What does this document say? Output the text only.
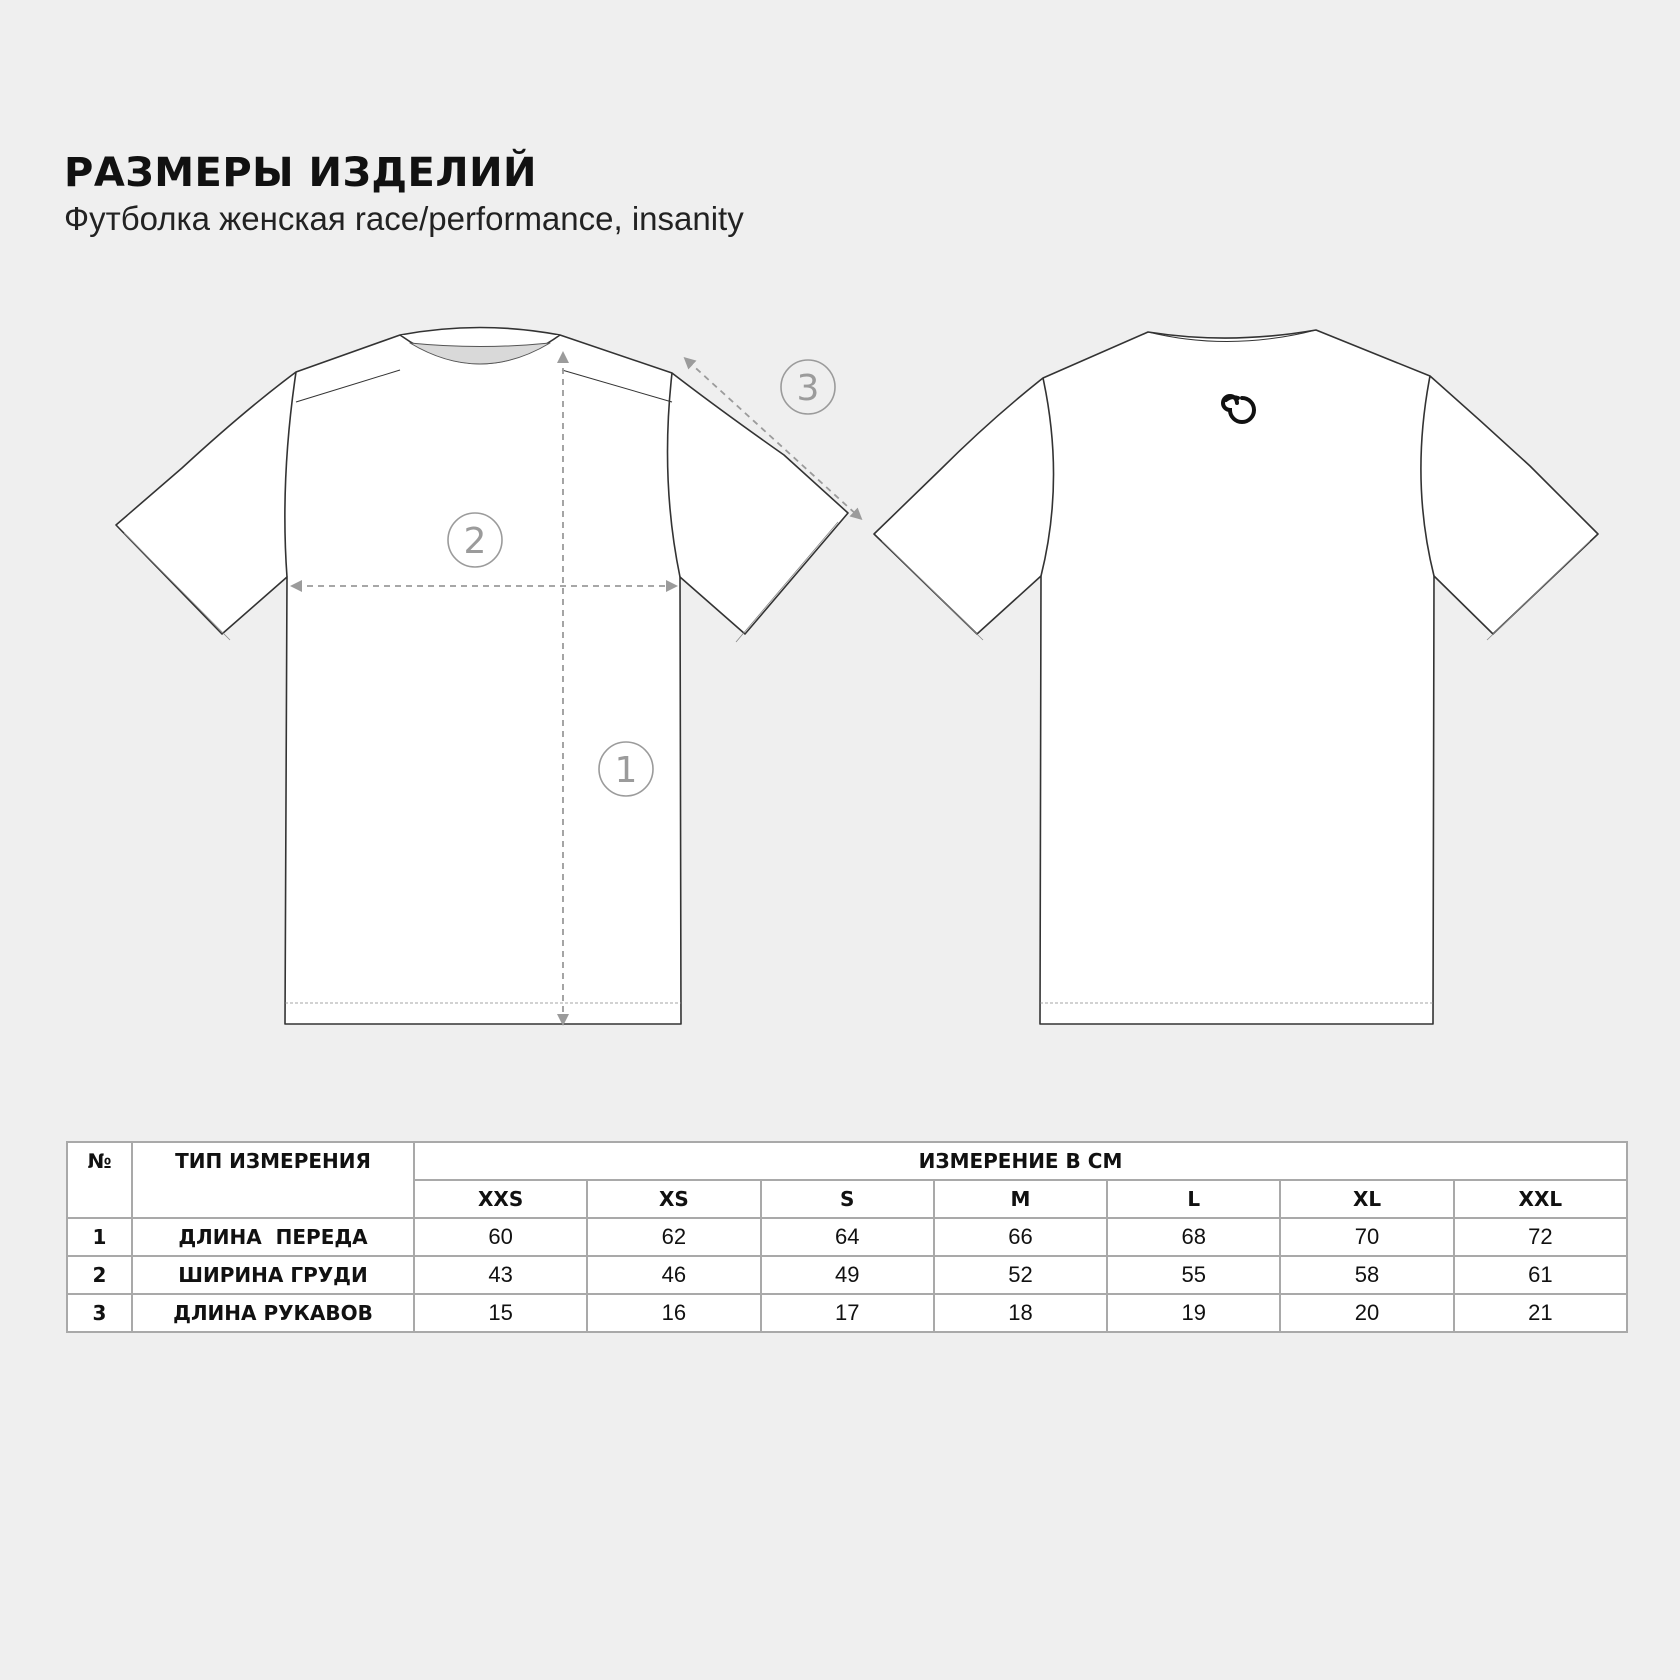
РАЗМЕРЫ ИЗДЕЛИЙ
Футболка женская race/performance, insanity
1
2
3
№	ТИП ИЗМЕРЕНИЯ	ИЗМЕРЕНИЕ В СМ						
		XXS	XS	S	M	L	XL	XXL
1	ДЛИНА  ПЕРЕДА	60	62	64	66	68	70	72
2	ШИРИНА ГРУДИ	43	46	49	52	55	58	61
3	ДЛИНА РУКАВОВ	15	16	17	18	19	20	21
